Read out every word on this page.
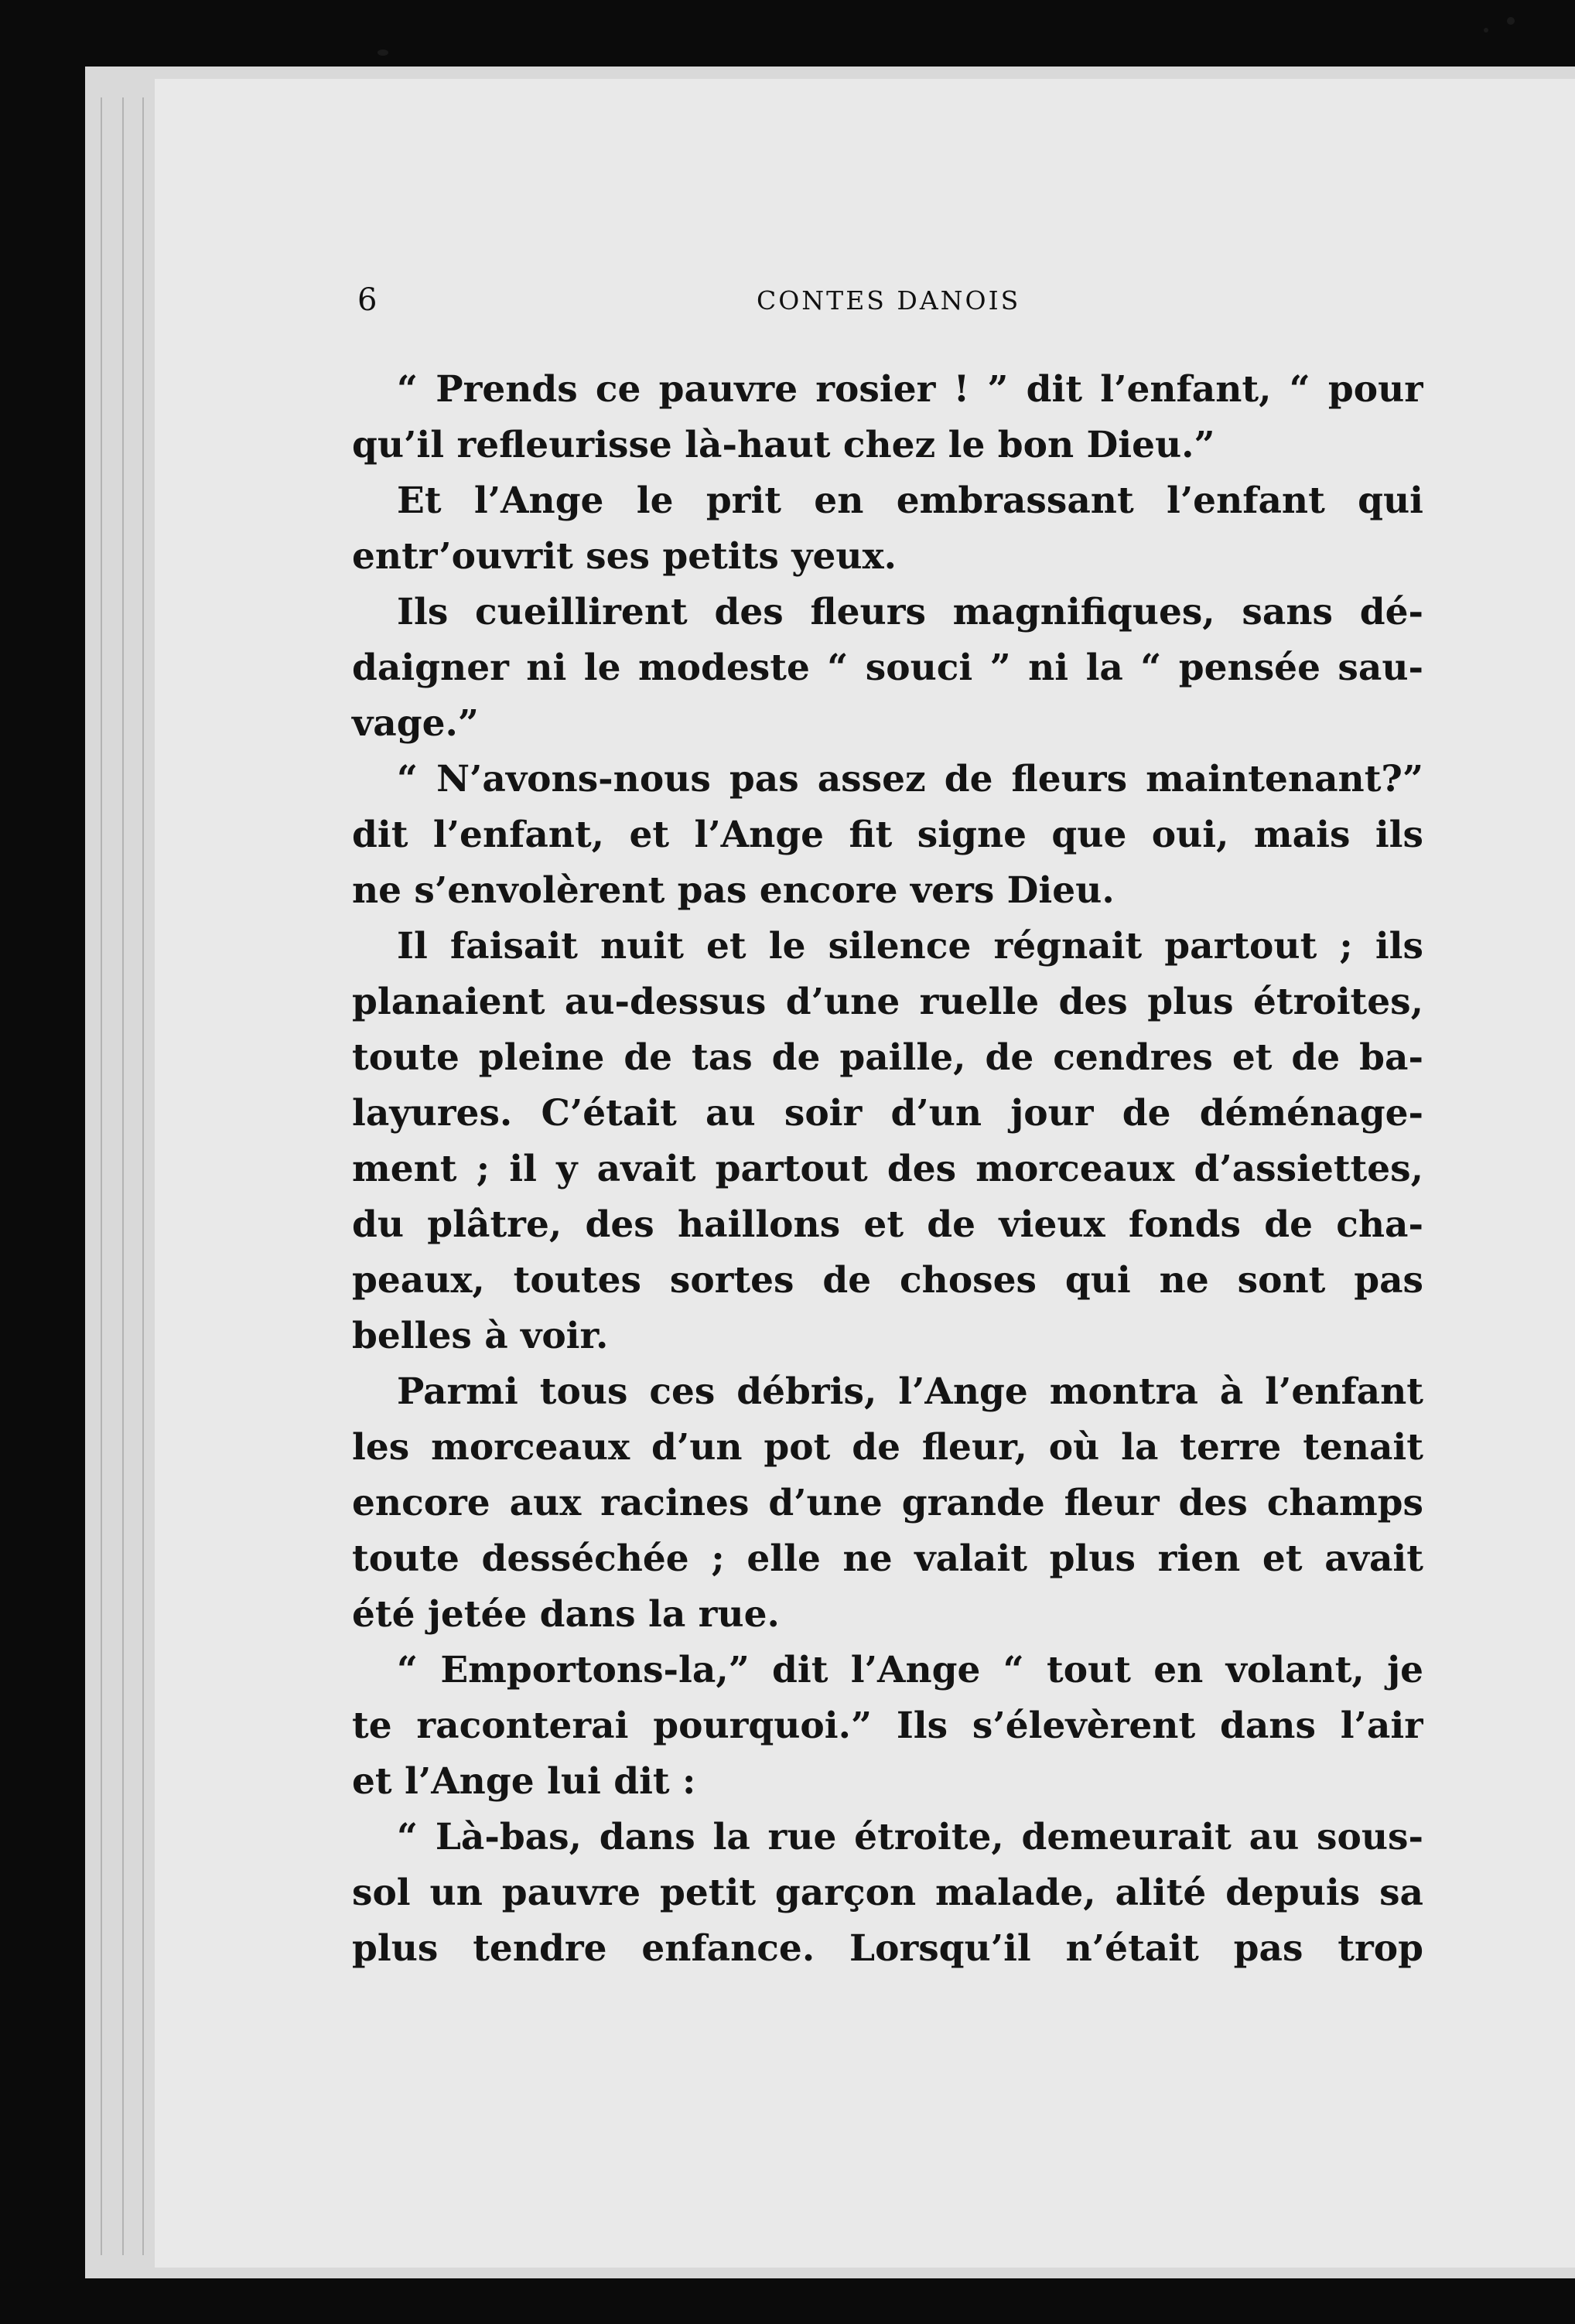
6	CONTES DANOIS
“ Prends ce pauvre rosier ! ” dit l’enfant, “ pour
qu’il refleurisse là-haut chez le bon Dieu.”
Et l’Ange le prit en embrassant l’enfant qui
entr’ouvrit ses petits yeux.
Ils cueillirent des fleurs magnifiques, sans dé-
daigner ni le modeste “ souci ” ni la “ pensée sau-
vage.”
“ N’avons-nous pas assez de fleurs maintenant?”
dit l’enfant, et l’Ange fit signe que oui, mais ils
ne s’envolèrent pas encore vers Dieu.
Il faisait nuit et le silence régnait partout ; ils
planaient au-dessus d’une ruelle des plus étroites,
toute pleine de tas de paille, de cendres et de ba-
layures. C’était au soir d’un jour de déménage-
ment ; il y avait partout des morceaux d’assiettes,
du plâtre, des haillons et de vieux fonds de cha-
peaux, toutes sortes de choses qui ne sont pas
belles à voir.
Parmi tous ces débris, l’Ange montra à l’enfant
les morceaux d’un pot de fleur, où la terre tenait
encore aux racines d’une grande fleur des champs
toute desséchée ; elle ne valait plus rien et avait
été jetée dans la rue.
“ Emportons-la,” dit l’Ange “ tout en volant, je
te raconterai pourquoi.” Ils s’élevèrent dans l’air
et l’Ange lui dit :
“ Là-bas, dans la rue étroite, demeurait au sous-
sol un pauvre petit garçon malade, alité depuis sa
plus tendre enfance. Lorsqu’il n’était pas trop
